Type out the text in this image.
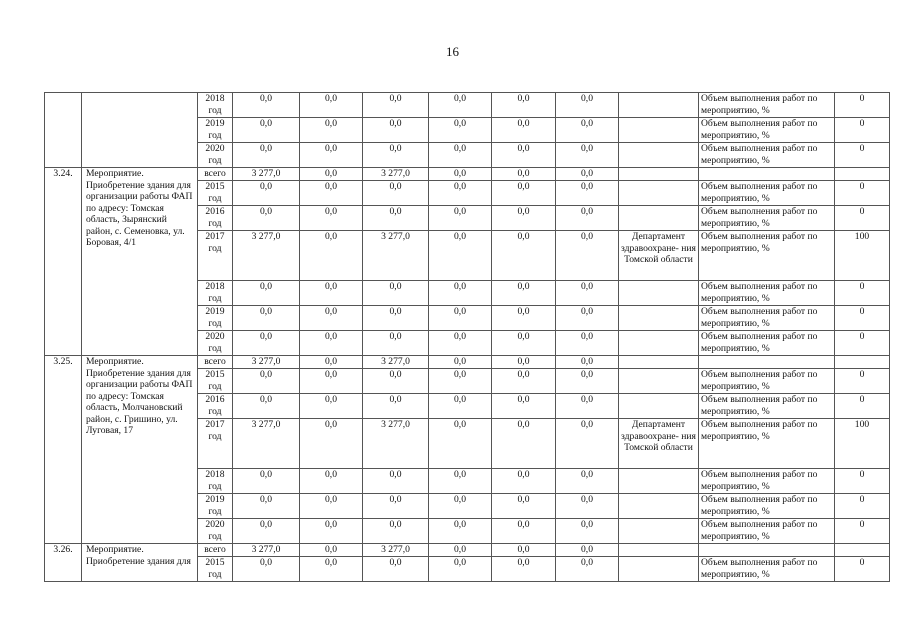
16
		2018 год	0,0	0,0	0,0	0,0	0,0	0,0		Объем выполнения работ по мероприятию, %	0
		2019 год	0,0	0,0	0,0	0,0	0,0	0,0		Объем выполнения работ по мероприятию, %	0
		2020 год	0,0	0,0	0,0	0,0	0,0	0,0		Объем выполнения работ по мероприятию, %	0
3.24.	Мероприятие. Приобретение здания для организации работы ФАП по адресу: Томская область, Зырянский район, с. Семеновка, ул. Боровая, 4/1	всего	3 277,0	0,0	3 277,0	0,0	0,0	0,0			
		2015 год	0,0	0,0	0,0	0,0	0,0	0,0		Объем выполнения работ по мероприятию, %	0
		2016 год	0,0	0,0	0,0	0,0	0,0	0,0		Объем выполнения работ по мероприятию, %	0
		2017 год	3 277,0	0,0	3 277,0	0,0	0,0	0,0	Департамент здравоохране- ния Томской области	Объем выполнения работ по мероприятию, %	100
		2018 год	0,0	0,0	0,0	0,0	0,0	0,0		Объем выполнения работ по мероприятию, %	0
		2019 год	0,0	0,0	0,0	0,0	0,0	0,0		Объем выполнения работ по мероприятию, %	0
		2020 год	0,0	0,0	0,0	0,0	0,0	0,0		Объем выполнения работ по мероприятию, %	0
3.25.	Мероприятие. Приобретение здания для организации работы ФАП по адресу: Томская область, Молчановский район, с. Гришино, ул. Луговая, 17	всего	3 277,0	0,0	3 277,0	0,0	0,0	0,0			
		2015 год	0,0	0,0	0,0	0,0	0,0	0,0		Объем выполнения работ по мероприятию, %	0
		2016 год	0,0	0,0	0,0	0,0	0,0	0,0		Объем выполнения работ по мероприятию, %	0
		2017 год	3 277,0	0,0	3 277,0	0,0	0,0	0,0	Департамент здравоохране- ния Томской области	Объем выполнения работ по мероприятию, %	100
		2018 год	0,0	0,0	0,0	0,0	0,0	0,0		Объем выполнения работ по мероприятию, %	0
		2019 год	0,0	0,0	0,0	0,0	0,0	0,0		Объем выполнения работ по мероприятию, %	0
		2020 год	0,0	0,0	0,0	0,0	0,0	0,0		Объем выполнения работ по мероприятию, %	0
3.26.	Мероприятие. Приобретение здания для	всего	3 277,0	0,0	3 277,0	0,0	0,0	0,0			
		2015 год	0,0	0,0	0,0	0,0	0,0	0,0		Объем выполнения работ по мероприятию, %	0
